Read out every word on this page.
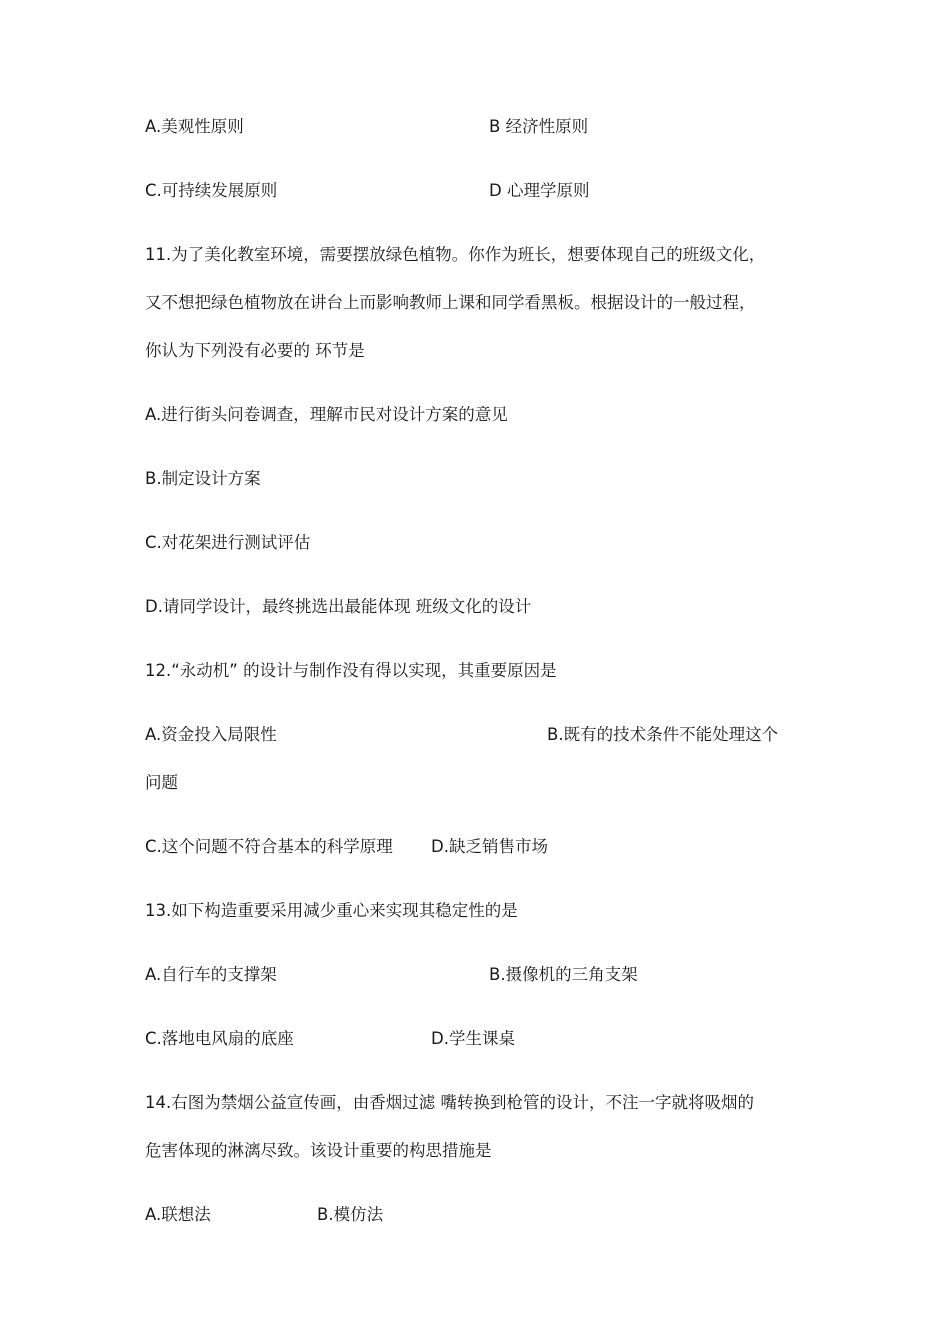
A.美观性原则	B 经济性原则
C.可持续发展原则	D 心理学原则
11.为了美化教室环境，需要摆放绿色植物。你作为班长，想要体现自己的班级文化，
又不想把绿色植物放在讲台上而影响教师上课和同学看黑板。根据设计的一般过程，
你认为下列没有必要的 环节是
A.进行街头问卷调查，理解市民对设计方案的意见
B.制定设计方案
C.对花架进行测试评估
D.请同学设计，最终挑选出最能体现 班级文化的设计
12.“永动机” 的设计与制作没有得以实现，其重要原因是
A.资金投入局限性	B.既有的技术条件不能处理这个
问题
C.这个问题不符合基本的科学原理 D.缺乏销售市场
13.如下构造重要采用减少重心来实现其稳定性的是
A.自行车的支撑架	B.摄像机的三角支架
C.落地电风扇的底座	D.学生课桌
14.右图为禁烟公益宣传画，由香烟过滤 嘴转换到枪管的设计，不注一字就将吸烟的
危害体现的淋漓尽致。该设计重要的构思措施是
A.联想法	B.模仿法
